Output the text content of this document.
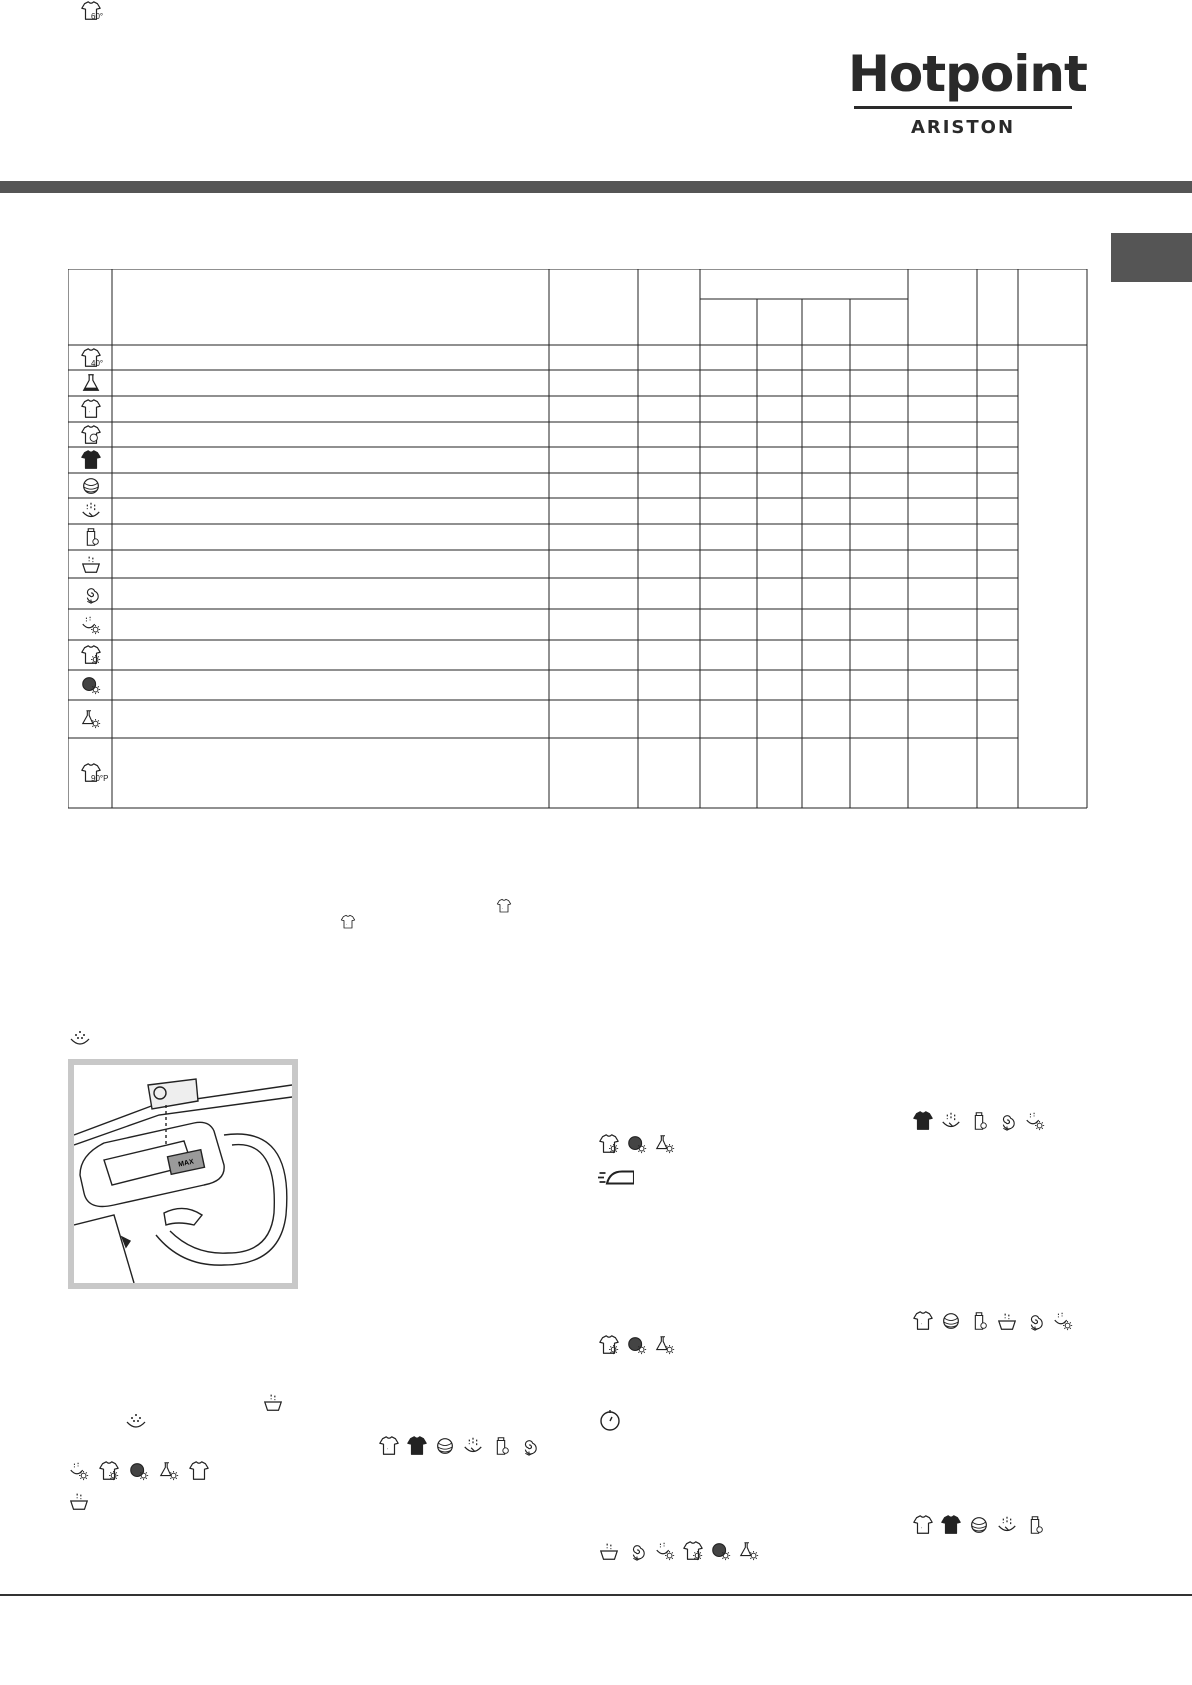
Hotpoint
ARISTON
40°
·
90°P
60°
·
·
·
·
·
MAX
